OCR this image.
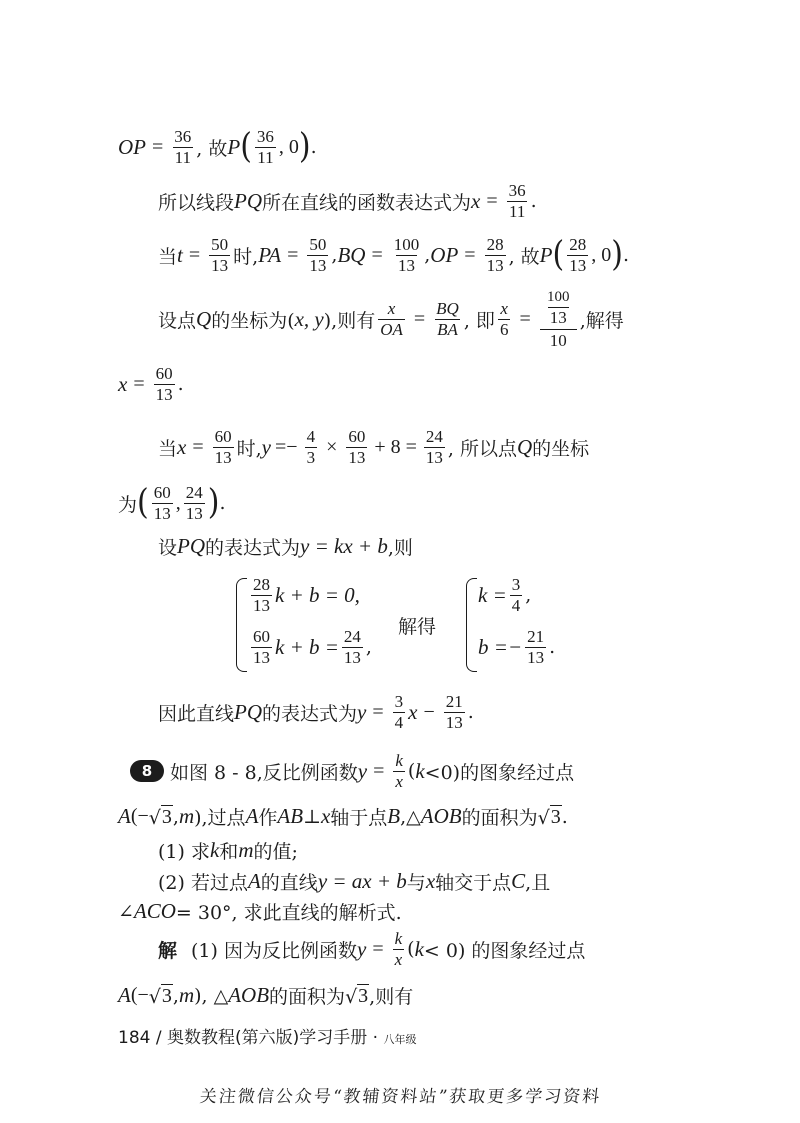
OP = $\frac{36}{11}$ , 故 P ( $\frac{36}{11}$ , 0 ) .
所以线段 PQ 所在直线的函数表达式为 $x = \frac{36}{11}$ .
当 $t = \frac{50}{13}$ 时, PA = $\frac{50}{13}$ , BQ = $\frac{100}{13}$ , OP = $\frac{28}{13}$ , 故 P ( $\frac{28}{13}$ , 0 ) .
设点 Q 的坐标为( x, y ),则有 $\frac{x}{OA} = \frac{BQ}{BA}$ , 即 $\frac{x}{6} = \frac{\frac{100}{13}}{10}$ ,解得
$x = \frac{60}{13}$ .
当 $x = \frac{60}{13}$ 时, $y =- \frac{4}{3} \times \frac{60}{13} + 8 = \frac{24}{13}$ , 所以点 Q 的坐标
为 ( $\frac{60}{13}$ , $\frac{24}{13}$ ) .
设 PQ 的表达式为 y = kx + b ,则
$\frac{28}{13}$ k + b = 0,
$\frac{60}{13}$ $k + b = \frac{24}{13}$ ,
解得
$k = \frac{3}{4}$ ,
$b =- \frac{21}{13}$ .
因此直线 PQ 的表达式为 $y = \frac{3}{4}$ $x - \frac{21}{13}$ .
8 如图 8 - 8,反比例函数 $y = \frac{k}{x}$ ( k <0)的图象经过点
A (− √ 3 , m ),过点 A 作 AB ⊥ x 轴于点 B ,△ AOB 的面积为 √ 3 .
(1) 求 k 和 m 的值;
(2) 若过点 A 的直线 y = ax + b 与 x 轴交于点 C ,且
∠ ACO = 30°, 求此直线的解析式.
解 (1) 因为反比例函数 $y = \frac{k}{x}$ ( k < 0) 的图象经过点
A (− √ 3 , m ), △ AOB 的面积为 √ 3 ,则有
184 / 奥数教程(第六版)学习手册 · 八年级
关注微信公众号“教辅资料站”获取更多学习资料
